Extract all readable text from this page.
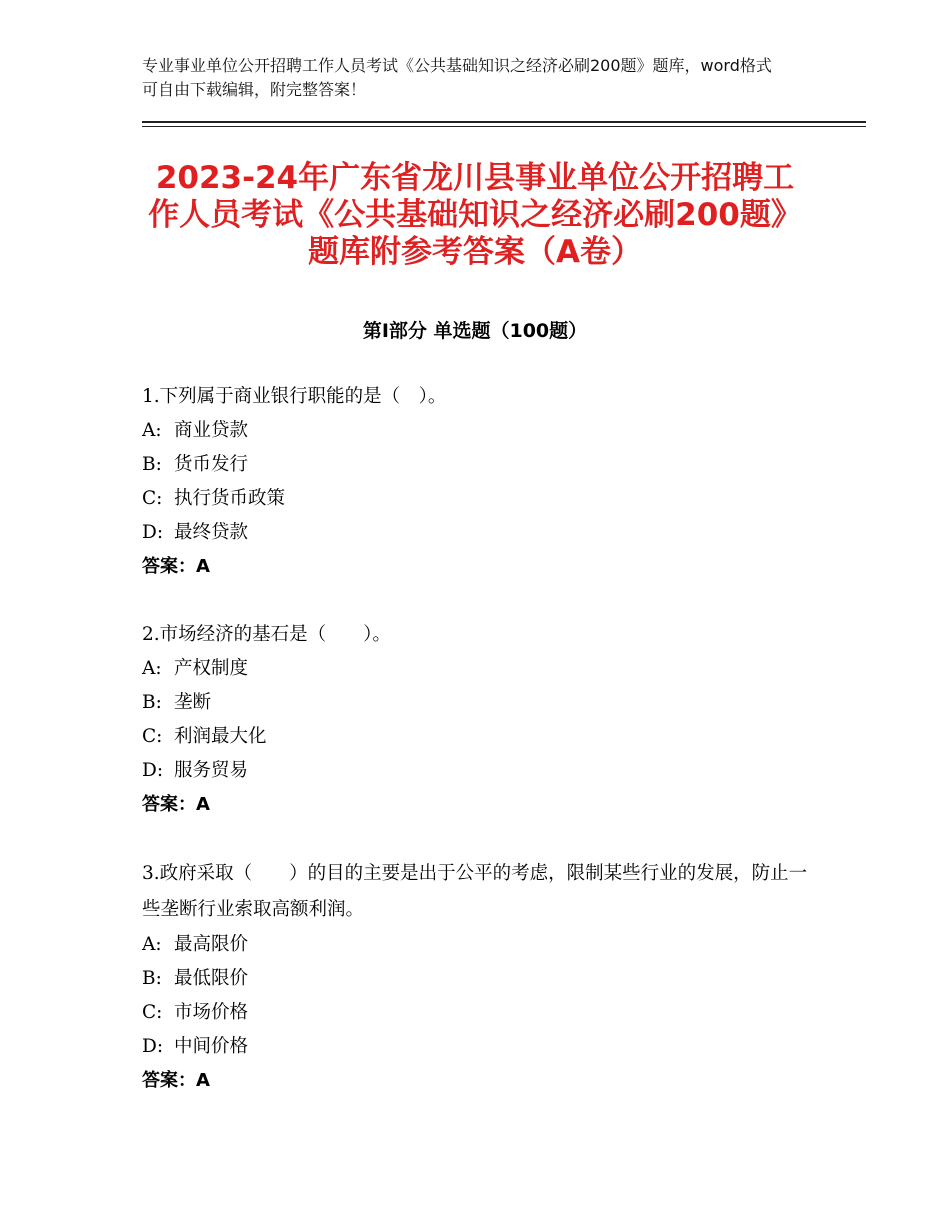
专业事业单位公开招聘工作人员考试《公共基础知识之经济必刷200题》题库，word格式可自由下载编辑，附完整答案！
2023-24年广东省龙川县事业单位公开招聘工作人员考试《公共基础知识之经济必刷200题》题库附参考答案（A卷）
第Ⅰ部分 单选题（100题）
1.下列属于商业银行职能的是（　）。
A: 商业贷款
B: 货币发行
C: 执行货币政策
D: 最终贷款
答案：A
2.市场经济的基石是（　　）。
A: 产权制度
B: 垄断
C: 利润最大化
D: 服务贸易
答案：A
3.政府采取（　　）的目的主要是出于公平的考虑，限制某些行业的发展，防止一些垄断行业索取高额利润。
A: 最高限价
B: 最低限价
C: 市场价格
D: 中间价格
答案：A
